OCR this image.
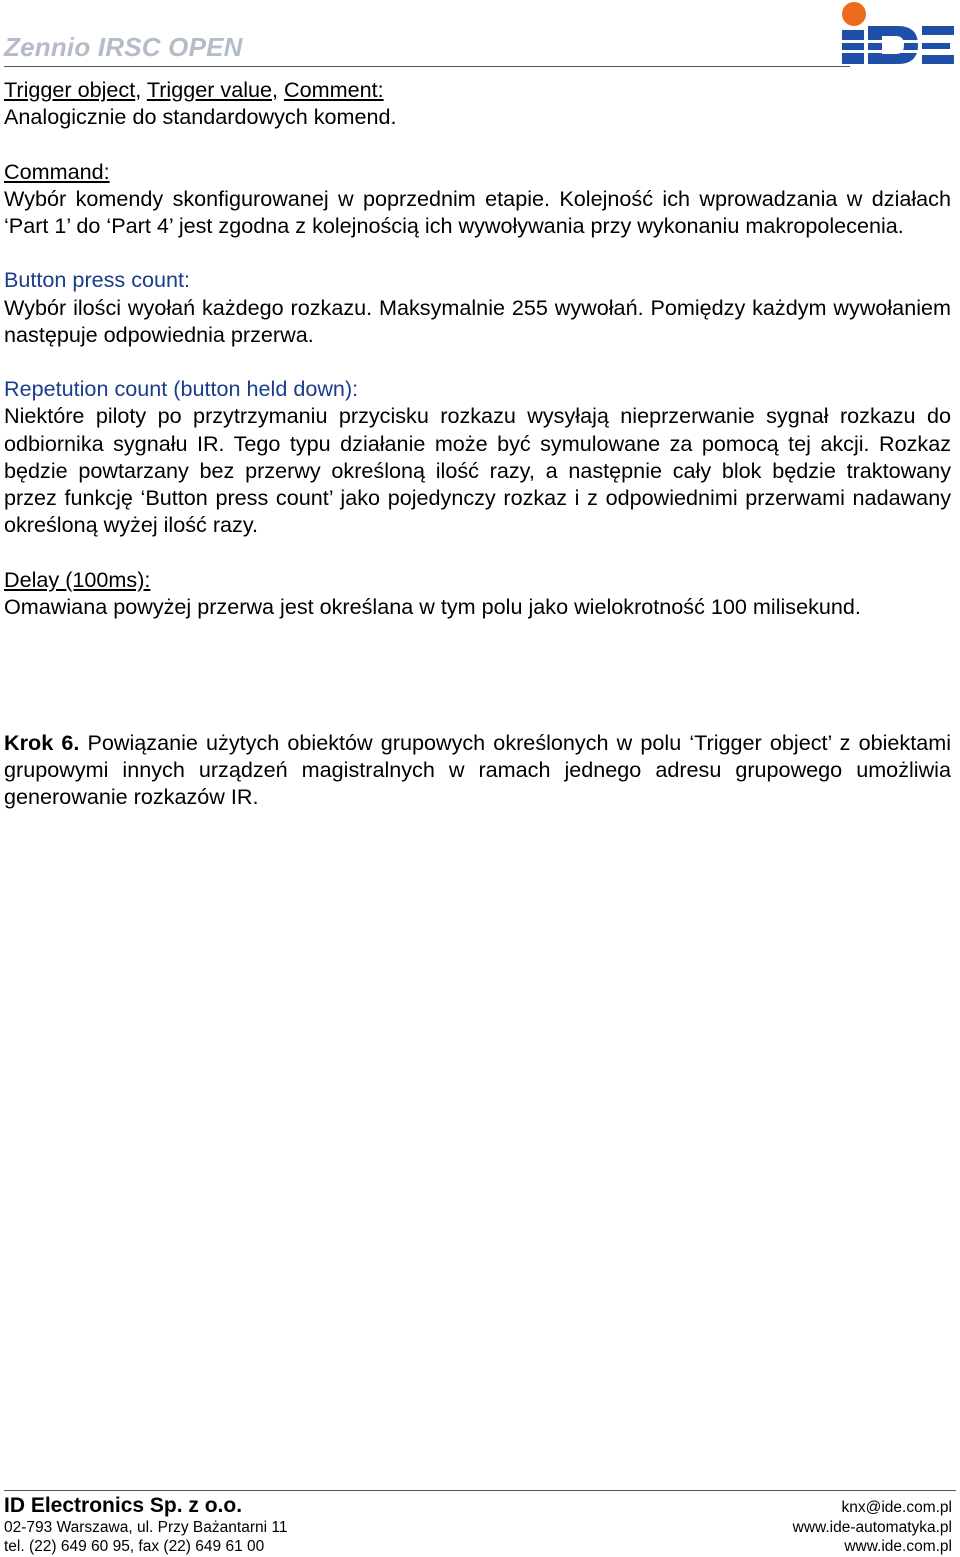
Zennio IRSC OPEN

Trigger object, Trigger value, Comment:

Analogicznie do standardowych komend.

Command:

Wybór komendy skonfigurowanej w poprzednim etapie. Kolejność ich wprowadzania w działach ‘Part 1’ do ‘Part 4’ jest zgodna z kolejnością ich wywoływania przy wykonaniu makropolecenia.

Button press count:

Wybór ilości wyołań każdego rozkazu. Maksymalnie 255 wywołań. Pomiędzy każdym wywołaniem następuje odpowiednia przerwa.

Repetution count (button held down):

Niektóre piloty po przytrzymaniu przycisku rozkazu wysyłają nieprzerwanie sygnał rozkazu do odbiornika sygnału IR. Tego typu działanie może być symulowane za pomocą tej akcji. Rozkaz będzie powtarzany bez przerwy określoną ilość razy, a następnie cały blok będzie traktowany przez funkcję ‘Button press count’ jako pojedynczy rozkaz i z odpowiednimi przerwami nadawany określoną wyżej ilość razy.

Delay (100ms):

Omawiana powyżej przerwa jest określana w tym polu jako wielokrotność 100 milisekund.

Krok 6. Powiązanie użytych obiektów grupowych określonych w polu ‘Trigger object’ z obiektami grupowymi innych urządzeń magistralnych w ramach jednego adresu grupowego umożliwia generowanie rozkazów IR.

ID Electronics Sp. z o.o.	knx@ide.com.pl
02-793 Warszawa, ul. Przy Bażantarni 11	www.ide-automatyka.pl
tel. (22) 649 60 95, fax (22) 649 61 00	www.ide.com.pl
